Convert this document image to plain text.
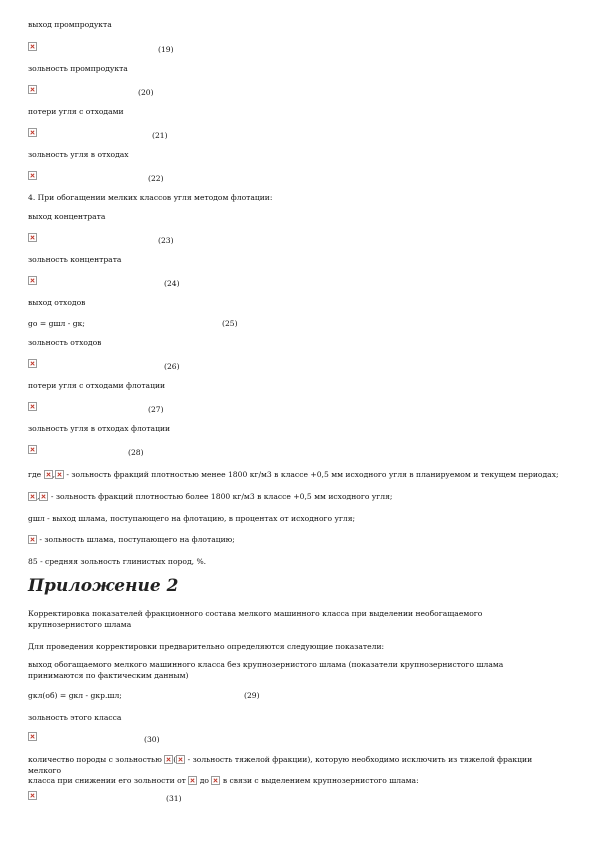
выход промпродукта
(19)
зольность промпродукта
(20)
потери угля с отходами
(21)
зольность угля в отходах
(22)
4. При обогащении мелких классов угля методом флотации:
выход концентрата
(23)
зольность концентрата
(24)
выход отходов
gо = gшл - gк;	(25)
зольность отходов
(26)
потери угля с отходами флотации
(27)
зольность угля в отходах флотации
(28)
где , - зольность фракций плотностью менее 1800 кг/м3 в классе +0,5 мм исходного угля в планируемом и текущем периодах;
, - зольность фракций плотностью более 1800 кг/м3 в классе +0,5 мм исходного угля;
gшл - выход шлама, поступающего на флотацию, в процентах от исходного угля;
- зольность шлама, поступающего на флотацию;
85 - средняя зольность глинистых пород, %.
Приложение 2
Корректировка показателей фракционного состава мелкого машинного класса при выделении необогащаемого крупнозернистого шлама
Для проведения корректировки предварительно определяются следующие показатели:
выход обогащаемого мелкого машинного класса без крупнозернистого шлама (показатели крупнозернистого шлама принимаются по фактическим данным)
gкл(об) = gкл - gкр.шл;	(29)
зольность этого класса
(30)
количество породы с зольностью ( - зольность тяжелой фракции), которую необходимо исключить из тяжелой фракции мелкого
класса при снижении его зольности от до в связи с выделением крупнозернистого шлама:
(31)
